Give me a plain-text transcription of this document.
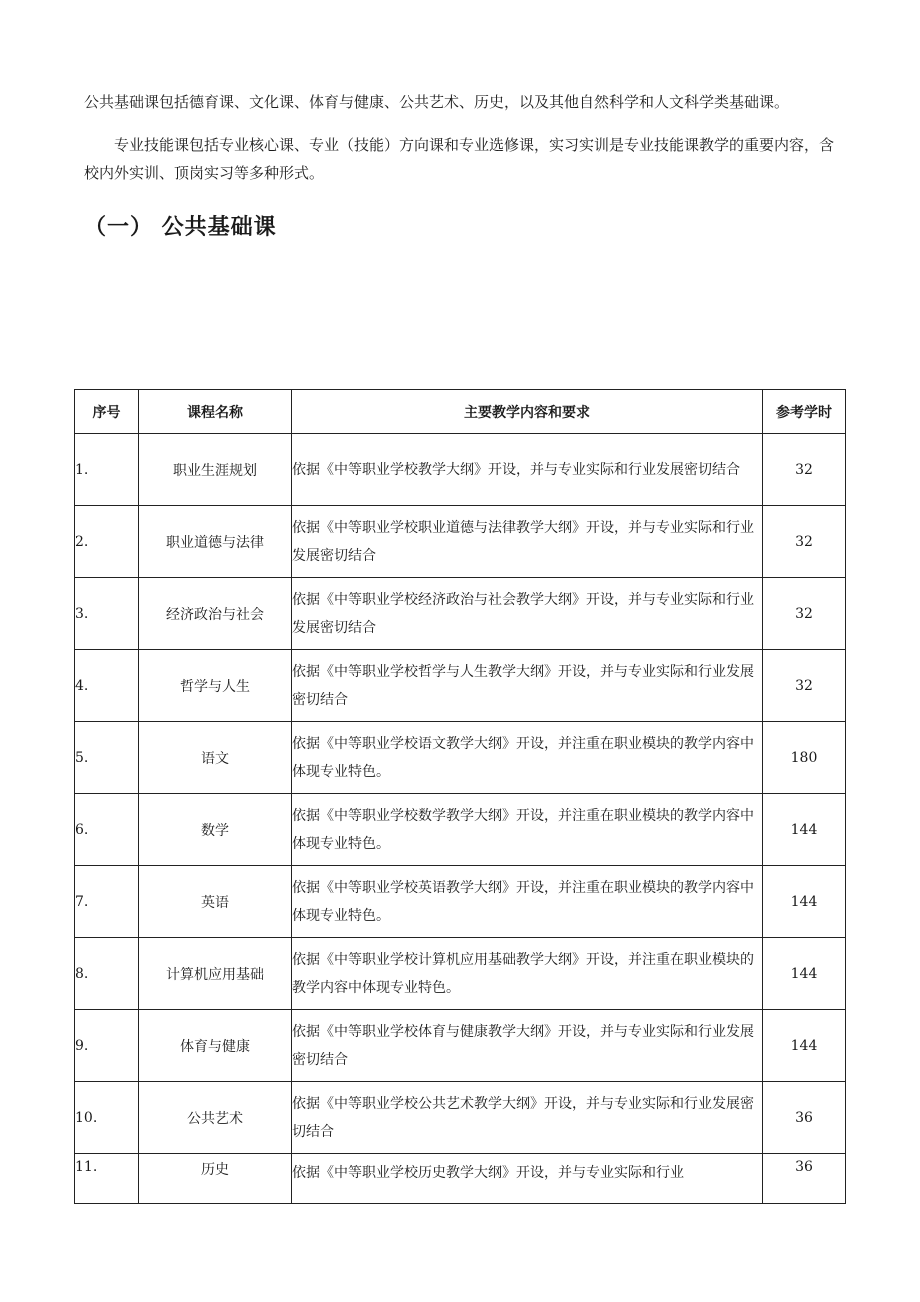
公共基础课包括德育课、文化课、体育与健康、公共艺术、历史，以及其他自然科学和人文科学类基础课。

专业技能课包括专业核心课、专业（技能）方向课和专业选修课，实习实训是专业技能课教学的重要内容，含校内外实训、顶岗实习等多种形式。

（一） 公共基础课
序号	课程名称	主要教学内容和要求	参考学时
1.	职业生涯规划	依据《中等职业学校教学大纲》开设，并与专业实际和行业发展密切结合	32
2.	职业道德与法律	依据《中等职业学校职业道德与法律教学大纲》开设，并与专业实际和行业发展密切结合	32
3.	经济政治与社会	依据《中等职业学校经济政治与社会教学大纲》开设，并与专业实际和行业发展密切结合	32
4.	哲学与人生	依据《中等职业学校哲学与人生教学大纲》开设，并与专业实际和行业发展密切结合	32
5.	语文	依据《中等职业学校语文教学大纲》开设，并注重在职业模块的教学内容中体现专业特色。	180
6.	数学	依据《中等职业学校数学教学大纲》开设，并注重在职业模块的教学内容中体现专业特色。	144
7.	英语	依据《中等职业学校英语教学大纲》开设，并注重在职业模块的教学内容中体现专业特色。	144
8.	计算机应用基础	依据《中等职业学校计算机应用基础教学大纲》开设，并注重在职业模块的教学内容中体现专业特色。	144
9.	体育与健康	依据《中等职业学校体育与健康教学大纲》开设，并与专业实际和行业发展密切结合	144
10.	公共艺术	依据《中等职业学校公共艺术教学大纲》开设，并与专业实际和行业发展密切结合	36
11.	历史	依据《中等职业学校历史教学大纲》开设，并与专业实际和行业	36
